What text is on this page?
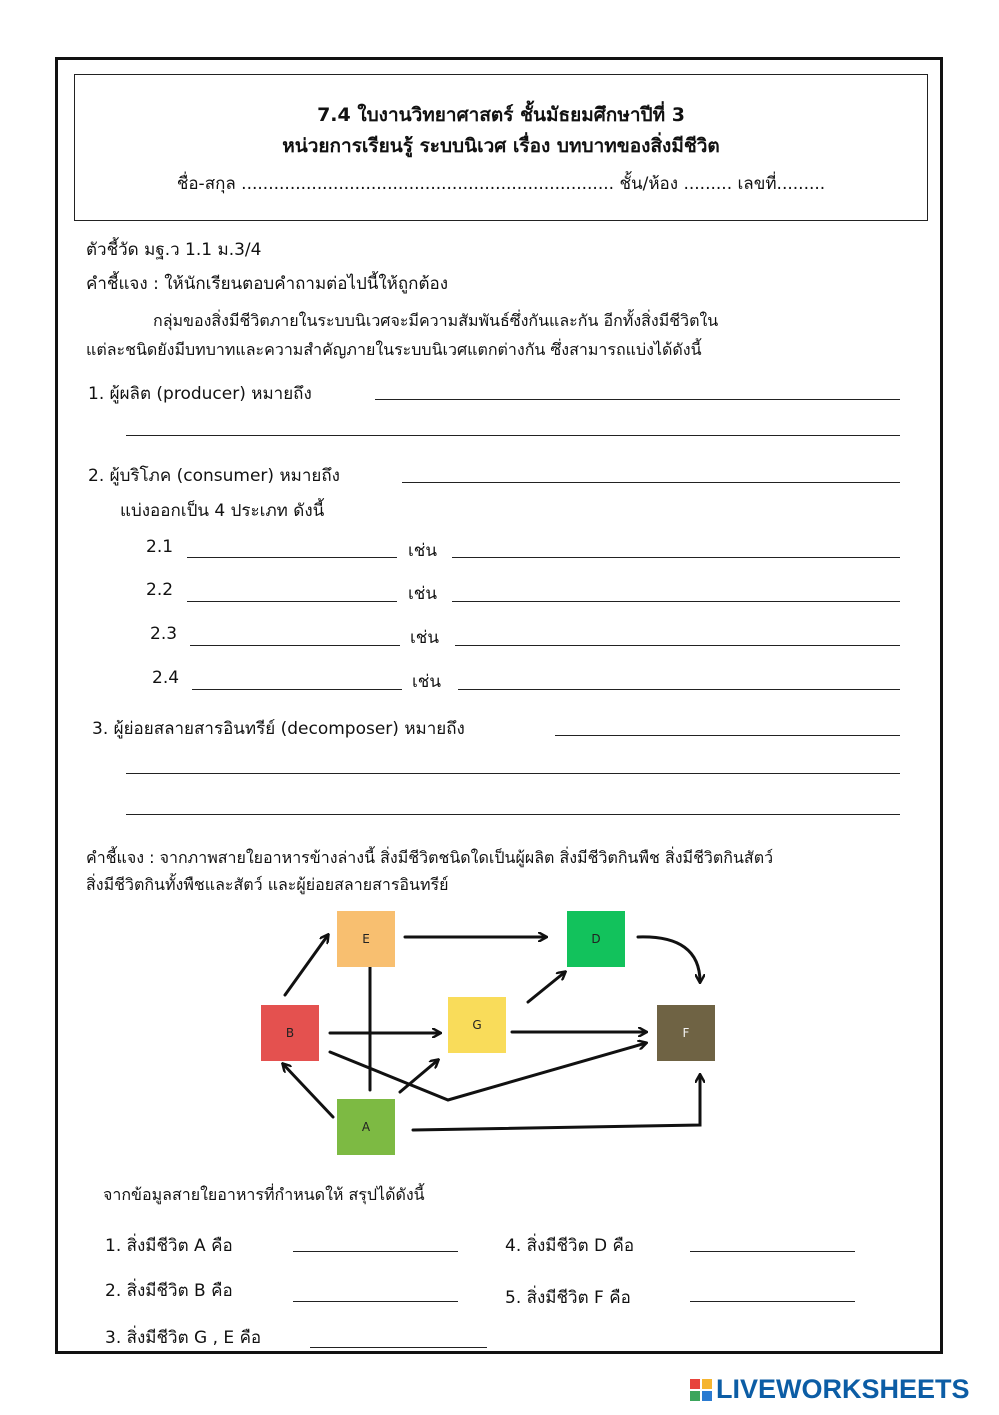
7.4 ใบงานวิทยาศาสตร์ ชั้นมัธยมศึกษาปีที่ 3
หน่วยการเรียนรู้ ระบบนิเวศ เรื่อง บทบาทของสิ่งมีชีวิต
ชื่อ-สกุล ..................................................................... ชั้น/ห้อง ......... เลขที่.........
ตัวชี้วัด มฐ.ว 1.1 ม.3/4
คำชี้แจง : ให้นักเรียนตอบคำถามต่อไปนี้ให้ถูกต้อง
กลุ่มของสิ่งมีชีวิตภายในระบบนิเวศจะมีความสัมพันธ์ซึ่งกันและกัน อีกทั้งสิ่งมีชีวิตใน
แต่ละชนิดยังมีบทบาทและความสำคัญภายในระบบนิเวศแตกต่างกัน ซึ่งสามารถแบ่งได้ดังนี้
1. ผู้ผลิต (producer) หมายถึง
2. ผู้บริโภค (consumer) หมายถึง
แบ่งออกเป็น 4 ประเภท ดังนี้
2.1	เช่น
2.2	เช่น
2.3	เช่น
2.4	เช่น
3. ผู้ย่อยสลายสารอินทรีย์ (decomposer) หมายถึง
คำชี้แจง : จากภาพสายใยอาหารข้างล่างนี้ สิ่งมีชีวิตชนิดใดเป็นผู้ผลิต สิ่งมีชีวิตกินพืช สิ่งมีชีวิตกินสัตว์
สิ่งมีชีวิตกินทั้งพืชและสัตว์ และผู้ย่อยสลายสารอินทรีย์
E	D
B
G
F
A
จากข้อมูลสายใยอาหารที่กำหนดให้ สรุปได้ดังนี้
1. สิ่งมีชีวิต A คือ
2. สิ่งมีชีวิต B คือ
3. สิ่งมีชีวิต G , E คือ
4. สิ่งมีชีวิต D คือ
5. สิ่งมีชีวิต F คือ
LIVEWORKSHEETS
